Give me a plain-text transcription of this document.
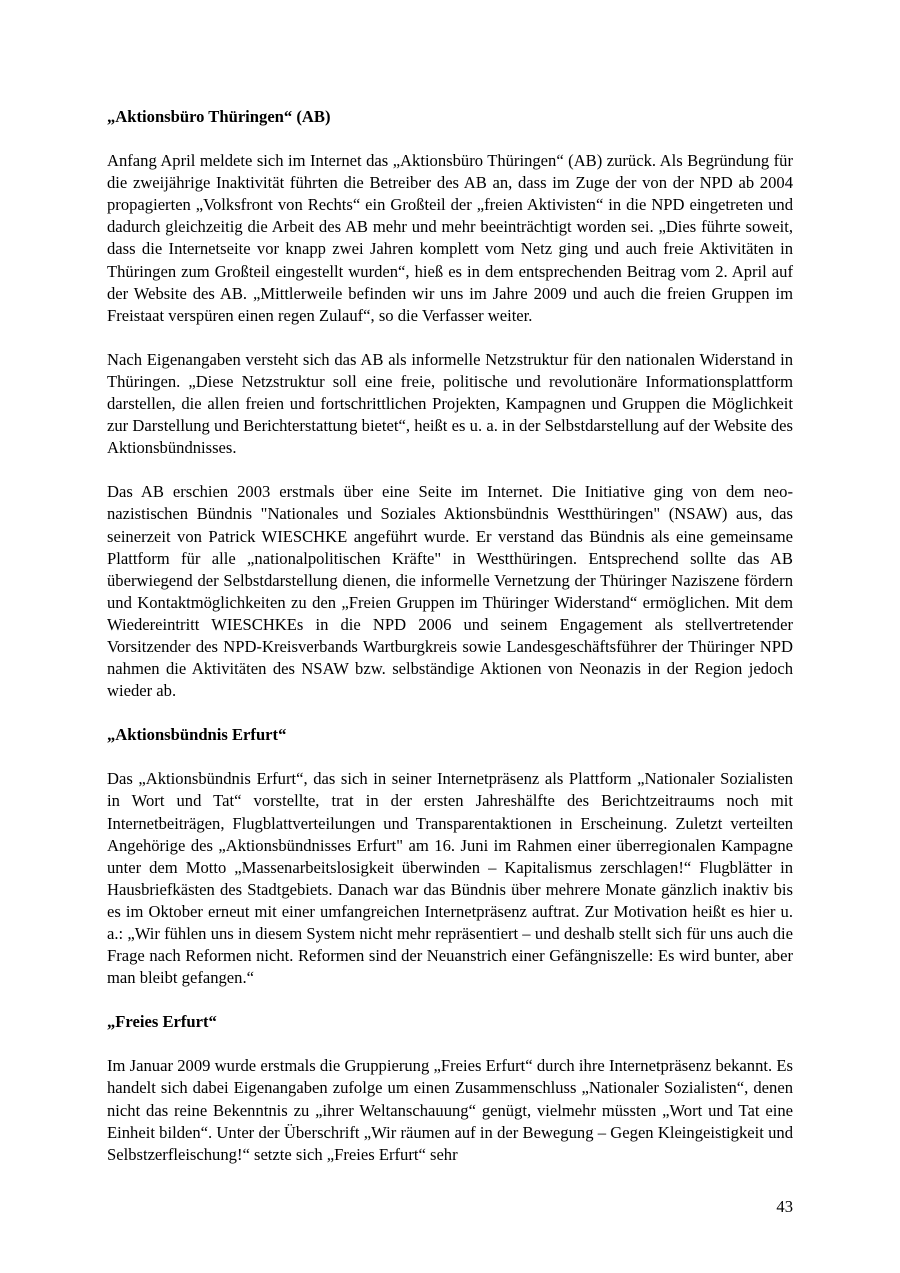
„Aktionsbüro Thüringen“ (AB)

Anfang April meldete sich im Internet das „Aktionsbüro Thüringen“ (AB) zurück. Als Begründung für die zweijährige Inaktivität führten die Betreiber des AB an, dass im Zuge der von der NPD ab 2004 propagierten „Volksfront von Rechts“ ein Großteil der „freien Aktivisten“ in die NPD eingetreten und dadurch gleichzeitig die Arbeit des AB mehr und mehr beeinträchtigt worden sei. „Dies führte soweit, dass die Internetseite vor knapp zwei Jahren komplett vom Netz ging und auch freie Aktivitäten in Thüringen zum Großteil eingestellt wurden“, hieß es in dem entsprechenden Beitrag vom 2. April auf der Website des AB. „Mittlerweile befinden wir uns im Jahre 2009 und auch die freien Gruppen im Freistaat verspüren einen regen Zulauf“, so die Verfasser weiter.

Nach Eigenangaben versteht sich das AB als informelle Netzstruktur für den nationalen Widerstand in Thüringen. „Diese Netzstruktur soll eine freie, politische und revolutionäre Informationsplattform darstellen, die allen freien und fortschrittlichen Projekten, Kampagnen und Gruppen die Möglichkeit zur Darstellung und Berichterstattung bietet“, heißt es u. a. in der Selbstdarstellung auf der Website des Aktionsbündnisses.

Das AB erschien 2003 erstmals über eine Seite im Internet. Die Initiative ging von dem neonazistischen Bündnis "Nationales und Soziales Aktionsbündnis Westthüringen" (NSAW) aus, das seinerzeit von Patrick WIESCHKE angeführt wurde. Er verstand das Bündnis als eine gemeinsame Plattform für alle „nationalpolitischen Kräfte" in Westthüringen. Entsprechend sollte das AB überwiegend der Selbstdarstellung dienen, die informelle Vernetzung der Thüringer Naziszene fördern und Kontaktmöglichkeiten zu den „Freien Gruppen im Thüringer Widerstand“ ermöglichen. Mit dem Wiedereintritt WIESCHKEs in die NPD 2006 und seinem Engagement als stellvertretender Vorsitzender des NPD-Kreisverbands Wartburgkreis sowie Landesgeschäftsführer der Thüringer NPD nahmen die Aktivitäten des NSAW bzw. selbständige Aktionen von Neonazis in der Region jedoch wieder ab.

„Aktionsbündnis Erfurt“

Das „Aktionsbündnis Erfurt“, das sich in seiner Internetpräsenz als Plattform „Nationaler Sozialisten in Wort und Tat“ vorstellte, trat in der ersten Jahreshälfte des Berichtzeitraums noch mit Internetbeiträgen, Flugblattverteilungen und Transparentaktionen in Erscheinung. Zuletzt verteilten Angehörige des „Aktionsbündnisses Erfurt" am 16. Juni im Rahmen einer überregionalen Kampagne unter dem Motto „Massenarbeitslosigkeit überwinden – Kapitalismus zerschlagen!“ Flugblätter in Hausbriefkästen des Stadtgebiets. Danach war das Bündnis über mehrere Monate gänzlich inaktiv bis es im Oktober erneut mit einer umfangreichen Internetpräsenz auftrat. Zur Motivation heißt es hier u. a.: „Wir fühlen uns in diesem System nicht mehr repräsentiert – und deshalb stellt sich für uns auch die Frage nach Reformen nicht. Reformen sind der Neuanstrich einer Gefängniszelle: Es wird bunter, aber man bleibt gefangen.“

„Freies Erfurt“

Im Januar 2009 wurde erstmals die Gruppierung „Freies Erfurt“ durch ihre Internetpräsenz bekannt. Es handelt sich dabei Eigenangaben zufolge um einen Zusammenschluss „Nationaler Sozialisten“, denen nicht das reine Bekenntnis zu „ihrer Weltanschauung“ genügt, vielmehr müssten „Wort und Tat eine Einheit bilden“. Unter der Überschrift „Wir räumen auf in der Bewegung – Gegen Kleingeistigkeit und Selbstzerfleischung!“ setzte sich „Freies Erfurt“ sehr

43
